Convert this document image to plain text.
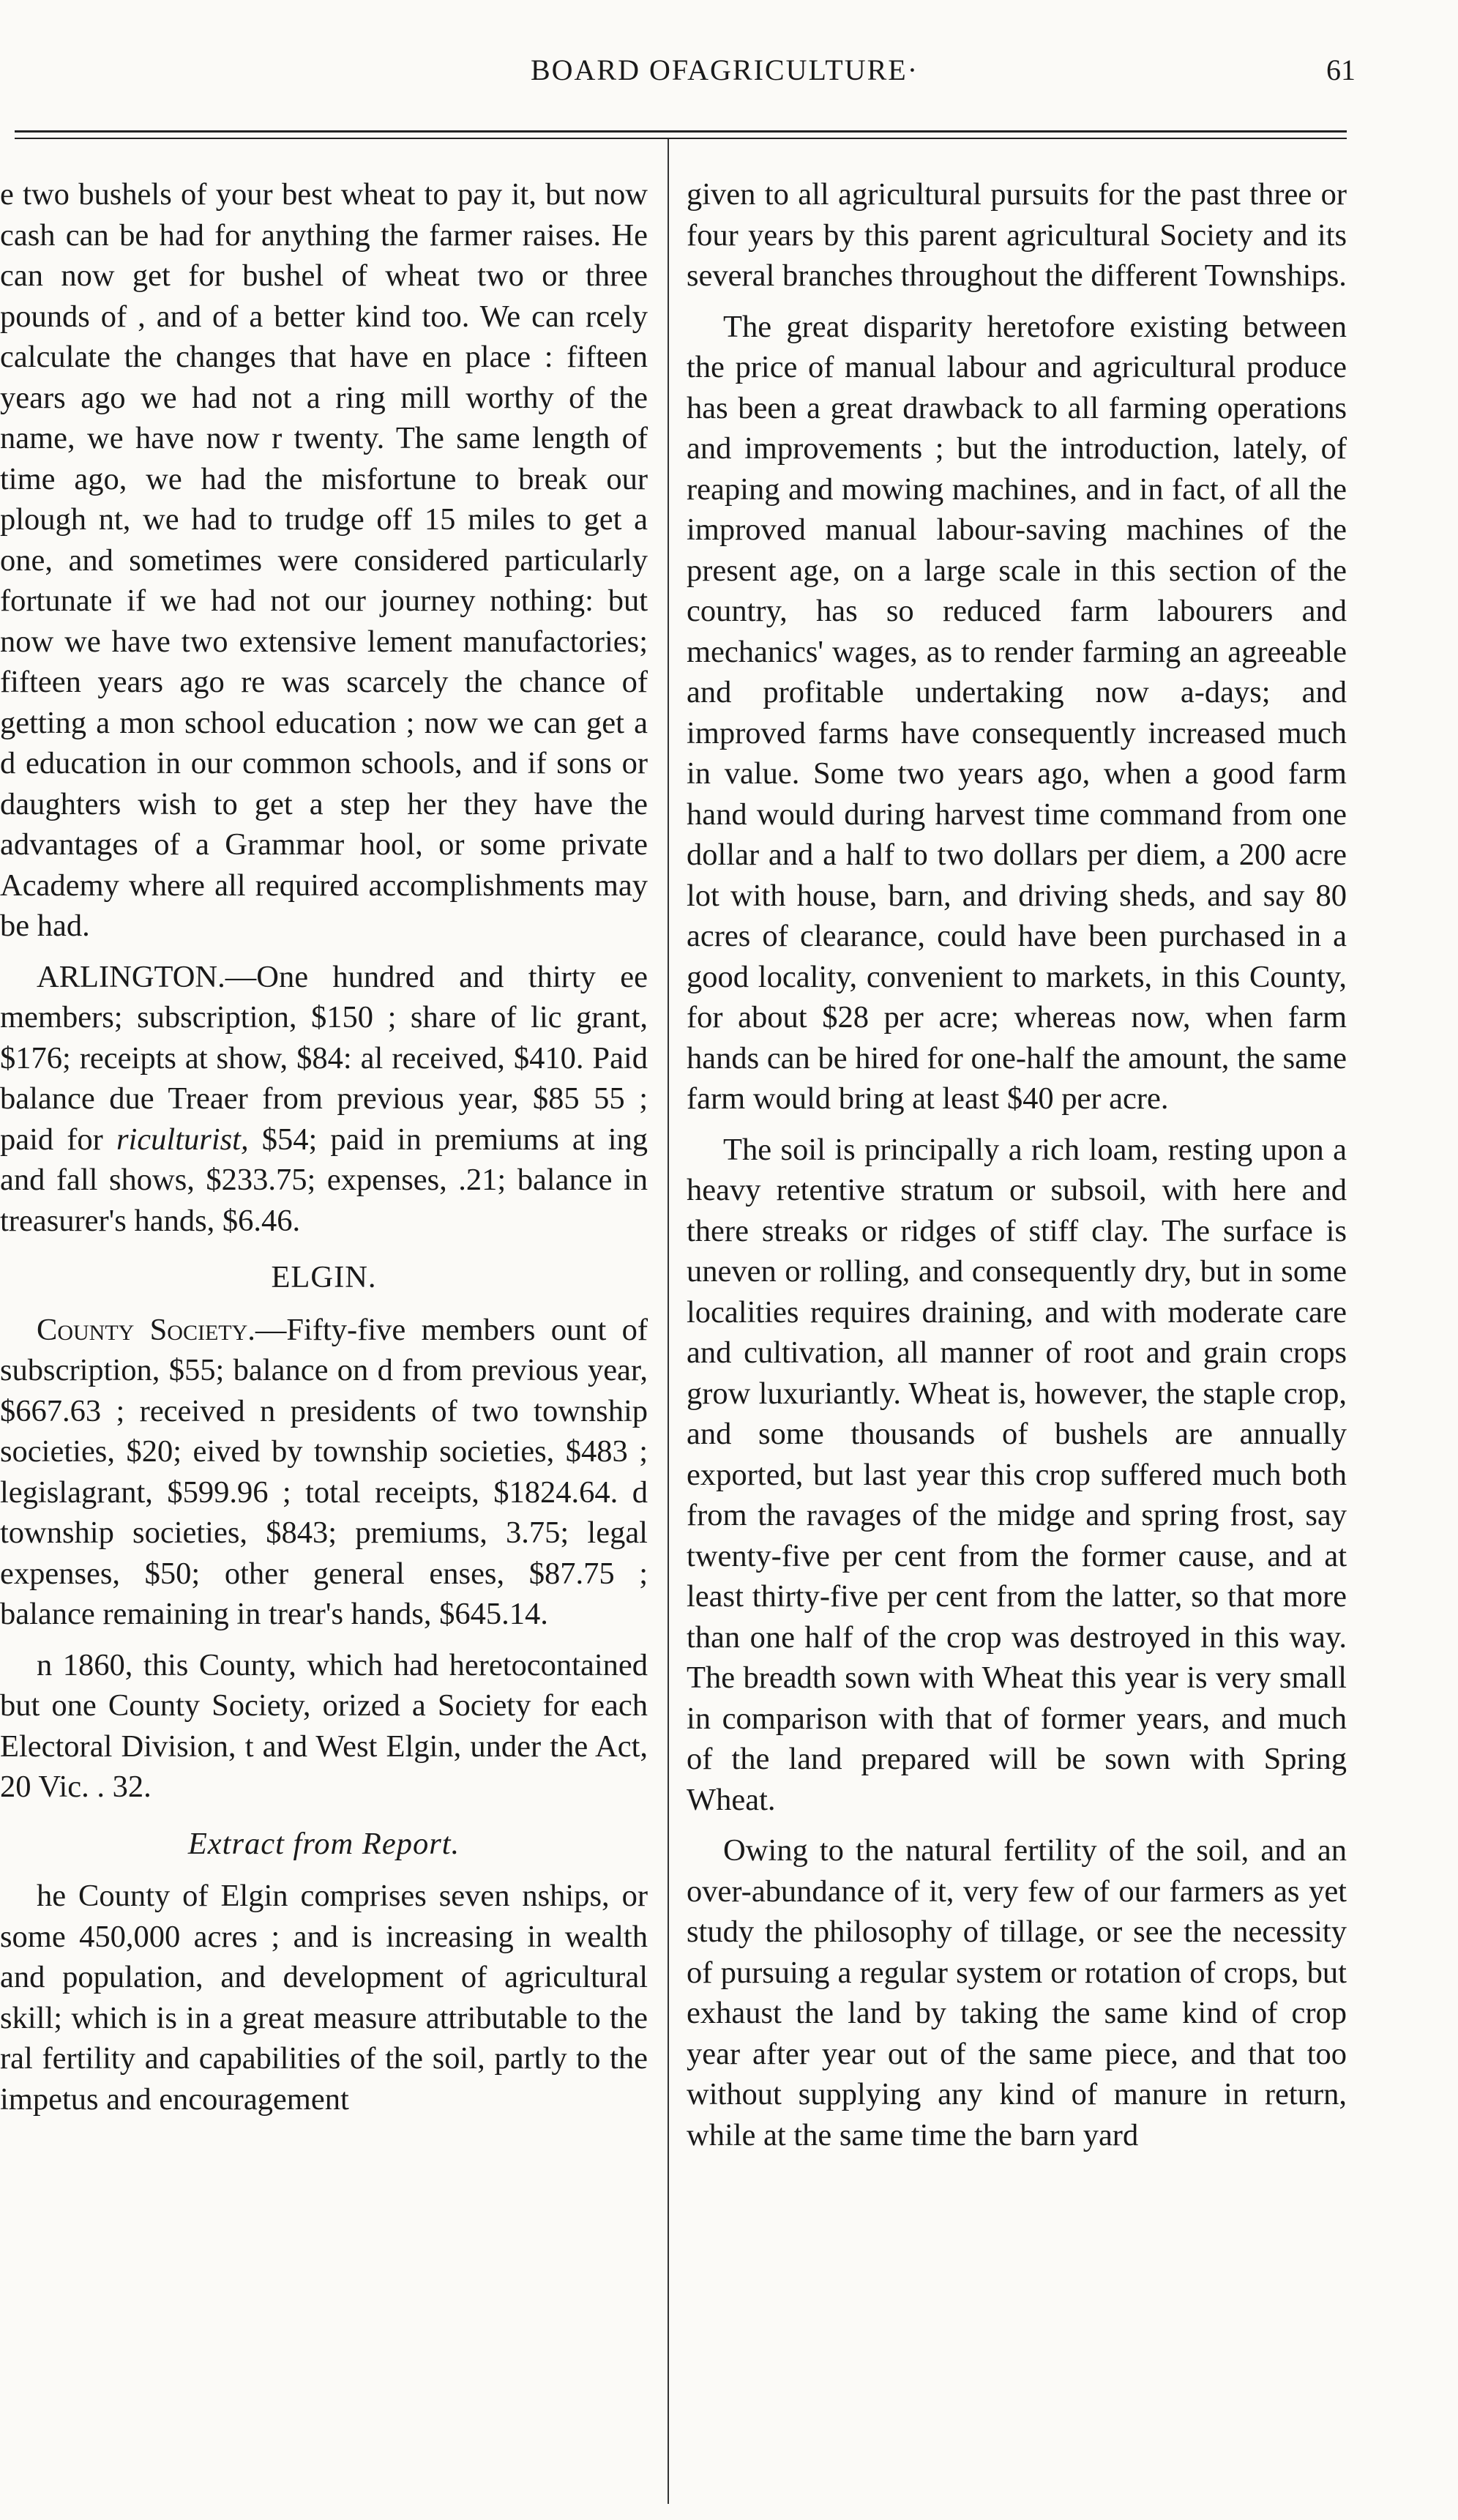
BOARD OFAGRICULTURE·	61

e two bushels of your best wheat to pay it, but now cash can be had for anything the farmer raises. He can now get for bushel of wheat two or three pounds of , and of a better kind too. We can rcely calculate the changes that have en place : fifteen years ago we had not a ring mill worthy of the name, we have now r twenty. The same length of time ago, we had the misfortune to break our plough nt, we had to trudge off 15 miles to get a one, and sometimes were considered particularly fortunate if we had not our journey nothing: but now we have two extensive lement manufactories; fifteen years ago re was scarcely the chance of getting a mon school education ; now we can get a d education in our common schools, and if sons or daughters wish to get a step her they have the advantages of a Grammar hool, or some private Academy where all required accomplishments may be had.

ARLINGTON.—One hundred and thirty ee members; subscription, $150 ; share of lic grant, $176; receipts at show, $84: al received, $410. Paid balance due Treaer from previous year, $85 55 ; paid for riculturist, $54; paid in premiums at ing and fall shows, $233.75; expenses, .21; balance in treasurer's hands, $6.46.

ELGIN.

County Society.—Fifty-five members ount of subscription, $55; balance on d from previous year, $667.63 ; received n presidents of two township societies, $20; eived by township societies, $483 ; legislagrant, $599.96 ; total receipts, $1824.64. d township societies, $843; premiums, 3.75; legal expenses, $50; other general enses, $87.75 ; balance remaining in trear's hands, $645.14.

n 1860, this County, which had heretocontained but one County Society, orized a Society for each Electoral Division, t and West Elgin, under the Act, 20 Vic. . 32.

Extract from Report.

he County of Elgin comprises seven nships, or some 450,000 acres ; and is increasing in wealth and population, and development of agricultural skill; which is in a great measure attributable to the ral fertility and capabilities of the soil, partly to the impetus and encouragement

given to all agricultural pursuits for the past three or four years by this parent agricultural Society and its several branches throughout the different Townships.

The great disparity heretofore existing between the price of manual labour and agricultural produce has been a great drawback to all farming operations and improvements ; but the introduction, lately, of reaping and mowing machines, and in fact, of all the improved manual labour-saving machines of the present age, on a large scale in this section of the country, has so reduced farm labourers and mechanics' wages, as to render farming an agreeable and profitable undertaking now a-days; and improved farms have consequently increased much in value. Some two years ago, when a good farm hand would during harvest time command from one dollar and a half to two dollars per diem, a 200 acre lot with house, barn, and driving sheds, and say 80 acres of clearance, could have been purchased in a good locality, convenient to markets, in this County, for about $28 per acre; whereas now, when farm hands can be hired for one-half the amount, the same farm would bring at least $40 per acre.

The soil is principally a rich loam, resting upon a heavy retentive stratum or subsoil, with here and there streaks or ridges of stiff clay. The surface is uneven or rolling, and consequently dry, but in some localities requires draining, and with moderate care and cultivation, all manner of root and grain crops grow luxuriantly. Wheat is, however, the staple crop, and some thousands of bushels are annually exported, but last year this crop suffered much both from the ravages of the midge and spring frost, say twenty-five per cent from the former cause, and at least thirty-five per cent from the latter, so that more than one half of the crop was destroyed in this way. The breadth sown with Wheat this year is very small in comparison with that of former years, and much of the land prepared will be sown with Spring Wheat.

Owing to the natural fertility of the soil, and an over-abundance of it, very few of our farmers as yet study the philosophy of tillage, or see the necessity of pursuing a regular system or rotation of crops, but exhaust the land by taking the same kind of crop year after year out of the same piece, and that too without supplying any kind of manure in return, while at the same time the barn yard
